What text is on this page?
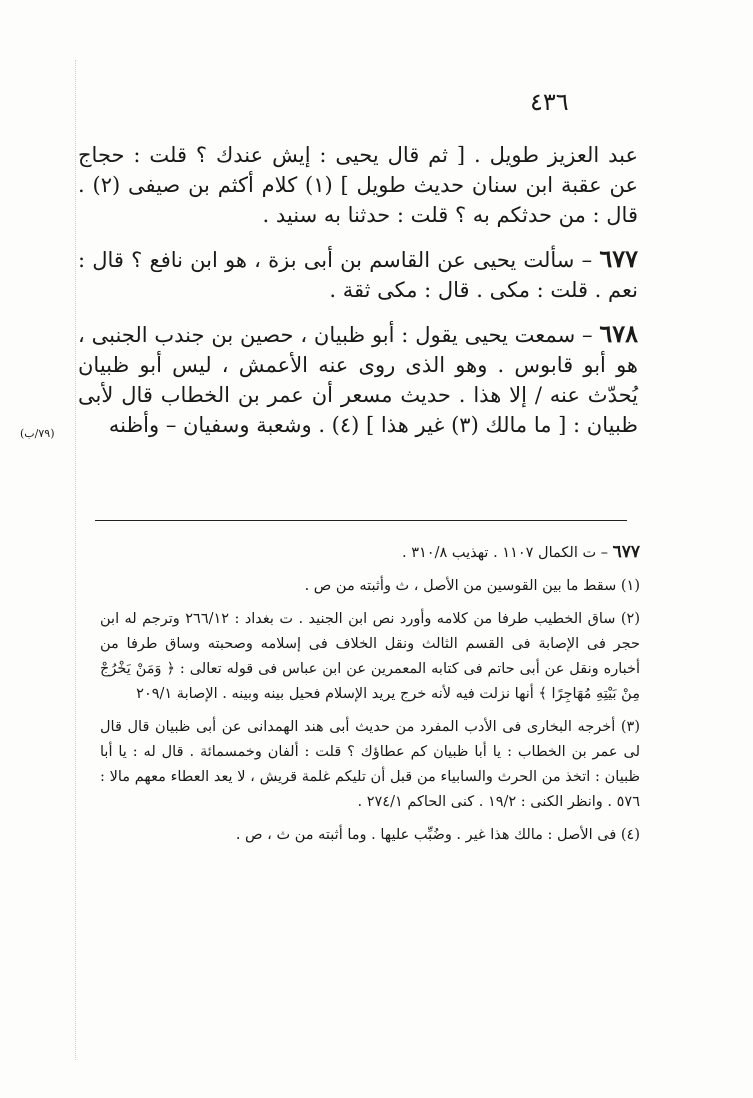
٤٣٦

عبد العزيز طويل . [ ثم قال يحيى : إيش عندك ؟ قلت : حجاج عن عقبة ابن سنان حديث طويل ] (١) كلام أكثم بن صيفى (٢) . قال : من حدثكم به ؟ قلت : حدثنا به سنيد .

٦٧٧ – سألت يحيى عن القاسم بن أبى بزة ، هو ابن نافع ؟ قال : نعم . قلت : مكى . قال : مكى ثقة .

٦٧٨ – سمعت يحيى يقول : أبو ظبيان ، حصين بن جندب الجنبى ، هو أبو قابوس . وهو الذى روى عنه الأعمش ، ليس أبو ظبيان يُحدّث عنه / إلا هذا . حديث مسعر أن عمر بن الخطاب قال لأبى ظبيان : [ ما مالك (٣) غير هذا ] (٤) . وشعبة وسفيان – وأظنه

(٧٩/ب)

٦٧٧ – ت الكمال ١١٠٧ . تهذيب ٣١٠/٨ .

(١) سقط ما بين القوسين من الأصل ، ث وأثبته من ص .

(٢) ساق الخطيب طرفا من كلامه وأورد نص ابن الجنيد . ت بغداد : ٢٦٦/١٢ وترجم له ابن حجر فى الإصابة فى القسم الثالث ونقل الخلاف فى إسلامه وصحبته وساق طرفا من أخباره ونقل عن أبى حاتم فى كتابه المعمرين عن ابن عباس فى قوله تعالى : ﴿ وَمَنْ يَخْرُجْ مِنْ بَيْتِهِ مُهَاجِرًا ﴾ أنها نزلت فيه لأنه خرج يريد الإسلام فحيل بينه وبينه . الإصابة ٢٠٩/١

(٣) أخرجه البخارى فى الأدب المفرد من حديث أبى هند الهمدانى عن أبى ظبيان قال قال لى عمر بن الخطاب : يا أبا ظبيان كم عطاؤك ؟ قلت : ألفان وخمسمائة . قال له : يا أبا ظبيان : اتخذ من الحرث والسابياء من قبل أن تليكم غلمة قريش ، لا يعد العطاء معهم مالا : ٥٧٦ . وانظر الكنى : ١٩/٢ . كنى الحاكم ٢٧٤/١ .

(٤) فى الأصل : مالك هذا غير . وضُبِّب عليها . وما أثبته من ث ، ص .
